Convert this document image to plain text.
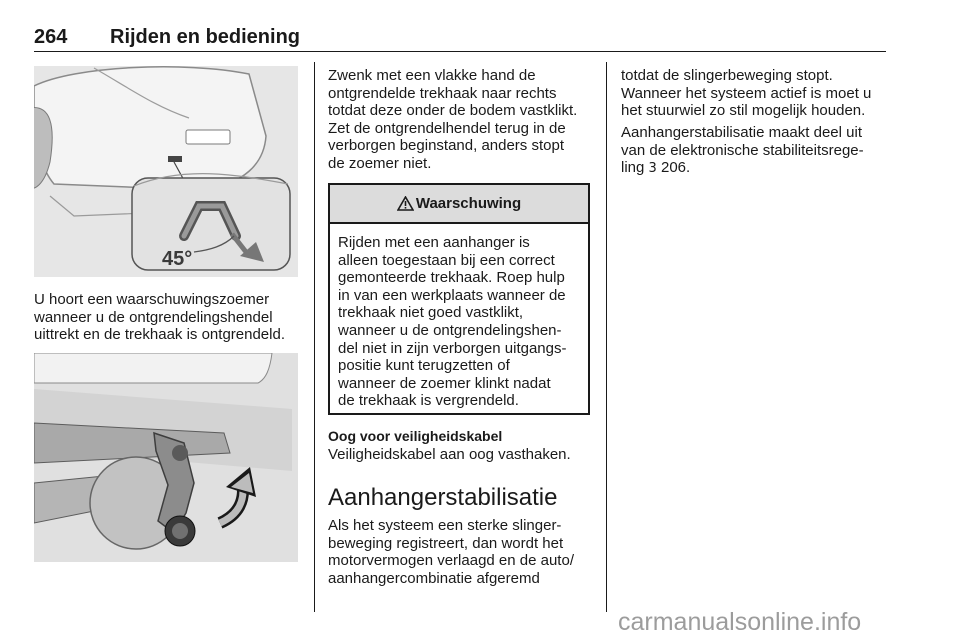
264 Rijden en bediening
45°
U hoort een waarschuwingszoemer
wanneer u de ontgrendelingshendel
uittrekt en de trekhaak is ontgrendeld.
Zwenk met een vlakke hand de
ontgrendelde trekhaak naar rechts
totdat deze onder de bodem vastklikt.
Zet de ontgrendelhendel terug in de
verborgen beginstand, anders stopt
de zoemer niet.
Waarschuwing
Rijden met een aanhanger is
alleen toegestaan bij een correct
gemonteerde trekhaak. Roep hulp
in van een werkplaats wanneer de
trekhaak niet goed vastklikt,
wanneer u de ontgrendelingshen-
del niet in zijn verborgen uitgangs-
positie kunt terugzetten of
wanneer de zoemer klinkt nadat
de trekhaak is vergrendeld.
Oog voor veiligheidskabel
Veiligheidskabel aan oog vasthaken.
Aanhangerstabilisatie
Als het systeem een sterke slinger-
beweging registreert, dan wordt het
motorvermogen verlaagd en de auto/
aanhangercombinatie afgeremd
totdat de slingerbeweging stopt.
Wanneer het systeem actief is moet u
het stuurwiel zo stil mogelijk houden.
Aanhangerstabilisatie maakt deel uit
van de elektronische stabiliteitsrege-
ling 3 206.
carmanualsonline.info
